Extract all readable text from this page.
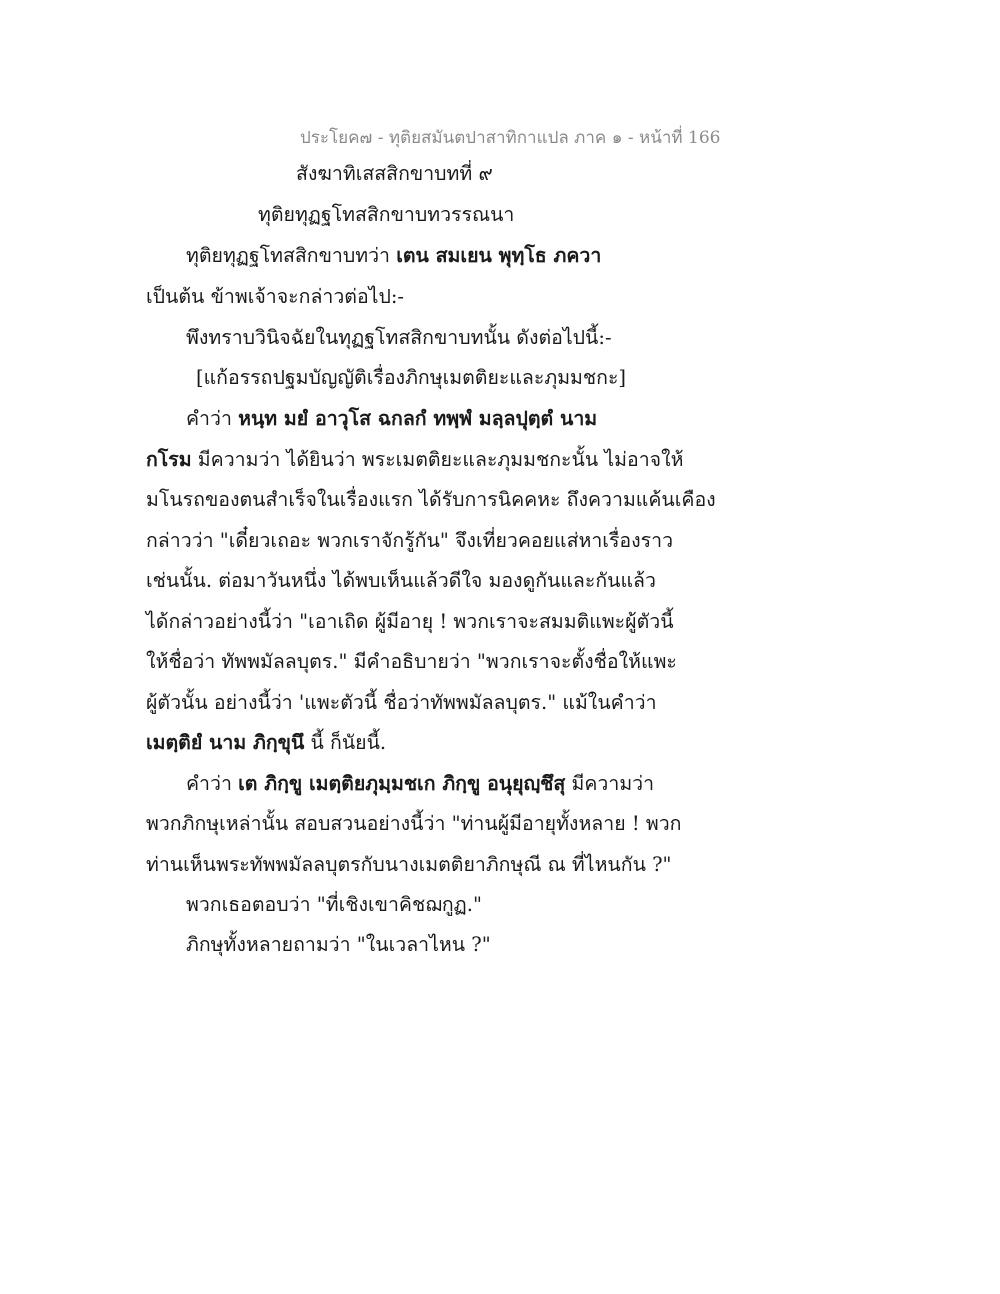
ประโยค๗ - ทุติยสมันตปาสาทิกาแปล ภาค ๑ - หน้าที่ 166
สังฆาทิเสสสิกขาบทที่ ๙
ทุติยทุฏฐโทสสิกขาบทวรรณนา
ทุติยทุฏฐโทสสิกขาบทว่า เตน สมเยน พุทฺโธ ภควา
เป็นต้น ข้าพเจ้าจะกล่าวต่อไป:-
พึงทราบวินิจฉัยในทุฏฐโทสสิกขาบทนั้น ดังต่อไปนี้:-
[แก้อรรถปฐมบัญญัติเรื่องภิกษุเมตติยะและภุมมชกะ]
คำว่า หนฺท มยํ อาวุโส ฉกลกํ ทพฺพํ มลฺลปุตฺตํ นาม
กโรม มีความว่า ได้ยินว่า พระเมตติยะและภุมมชกะนั้น ไม่อาจให้
มโนรถของตนสำเร็จในเรื่องแรก ได้รับการนิคคหะ ถึงความแค้นเคือง
กล่าวว่า "เดี๋ยวเถอะ พวกเราจักรู้กัน" จึงเที่ยวคอยแส่หาเรื่องราว
เช่นนั้น. ต่อมาวันหนึ่ง ได้พบเห็นแล้วดีใจ มองดูกันและกันแล้ว
ได้กล่าวอย่างนี้ว่า "เอาเถิด ผู้มีอายุ ! พวกเราจะสมมติแพะผู้ตัวนี้
ให้ชื่อว่า ทัพพมัลลบุตร." มีคำอธิบายว่า "พวกเราจะตั้งชื่อให้แพะ
ผู้ตัวนั้น อย่างนี้ว่า 'แพะตัวนี้ ชื่อว่าทัพพมัลลบุตร." แม้ในคำว่า
เมตฺติยํ นาม ภิกฺขุนึ นี้ ก็นัยนี้.
คำว่า เต ภิกฺขู เมตฺติยภุมฺมชเก ภิกฺขู อนุยุญฺชึสุ มีความว่า
พวกภิกษุเหล่านั้น สอบสวนอย่างนี้ว่า "ท่านผู้มีอายุทั้งหลาย ! พวก
ท่านเห็นพระทัพพมัลลบุตรกับนางเมตติยาภิกษุณี ณ ที่ไหนกัน ?"
พวกเธอตอบว่า "ที่เชิงเขาคิชฌกูฏ."
ภิกษุทั้งหลายถามว่า "ในเวลาไหน ?"
